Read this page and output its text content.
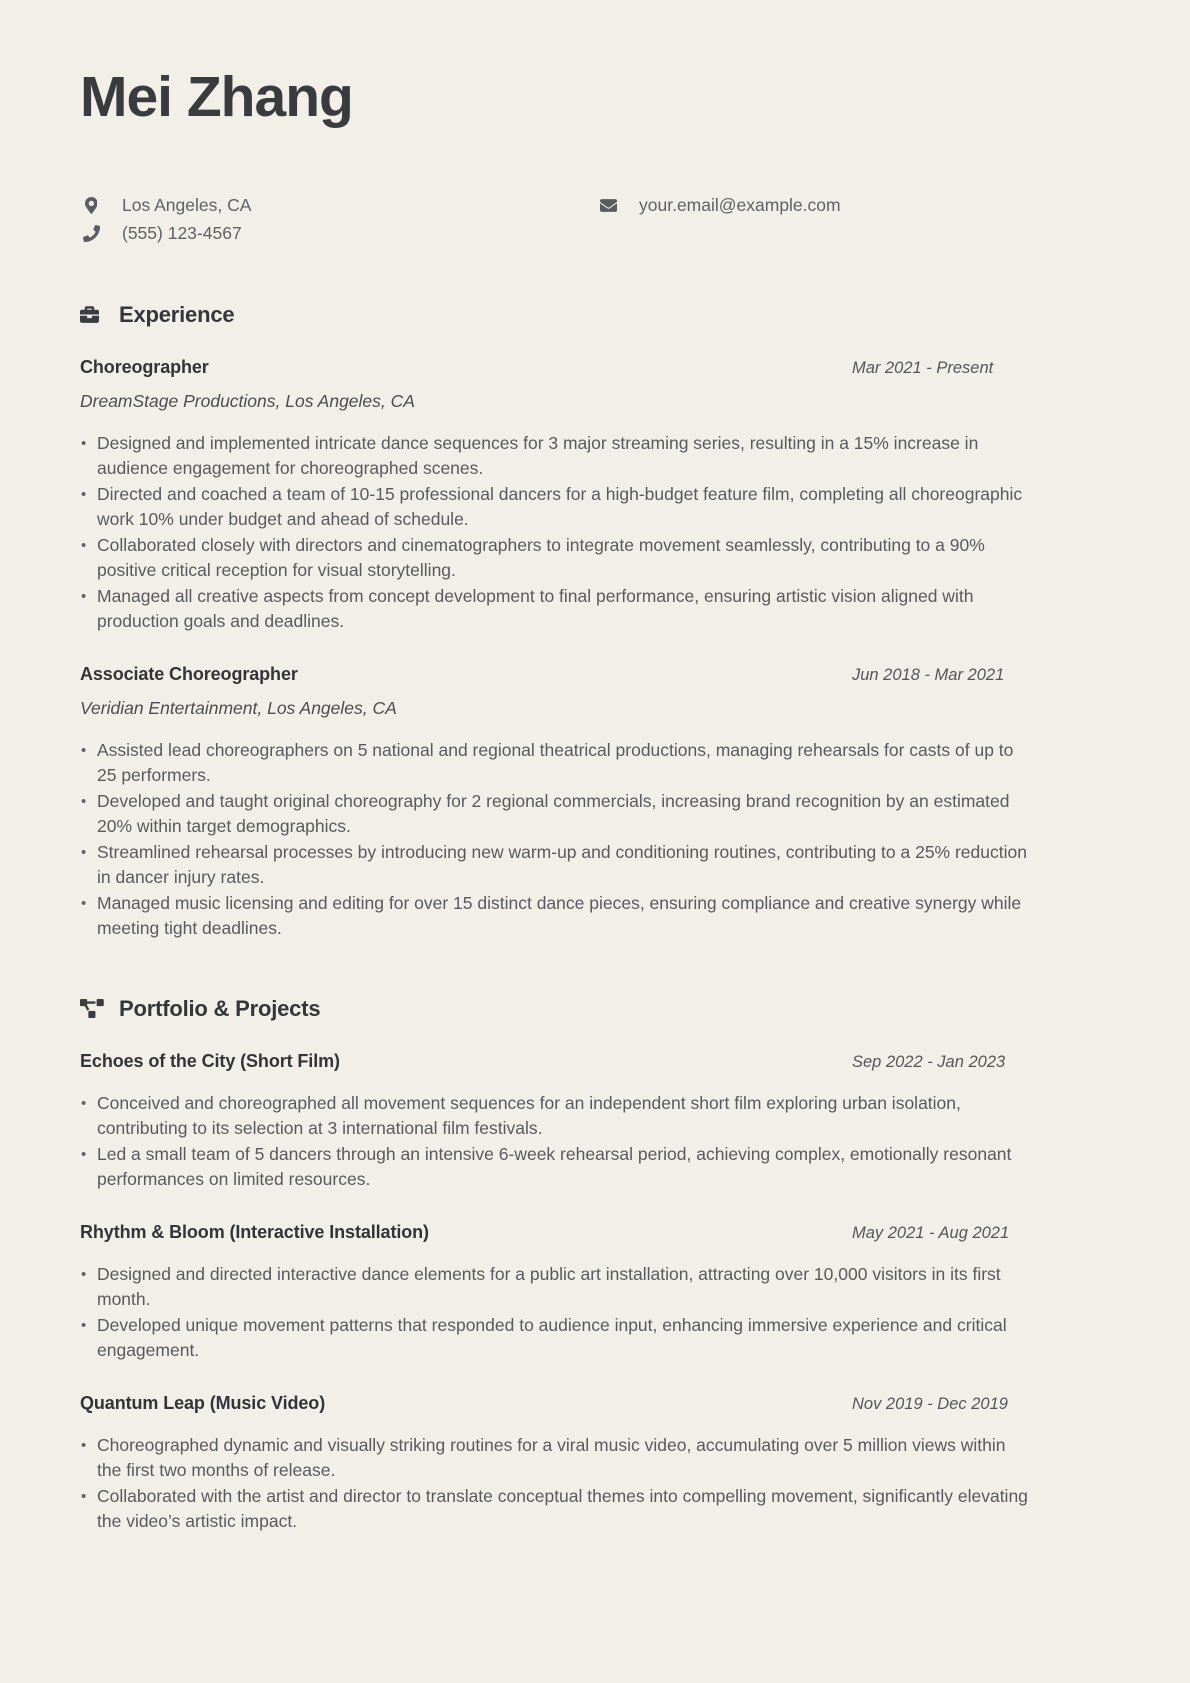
Mei Zhang
Los Angeles, CA
(555) 123-4567
your.email@example.com
Experience
Choreographer	Mar 2021 - Present

DreamStage Productions, Los Angeles, CA

• Designed and implemented intricate dance sequences for 3 major streaming series, resulting in a 15% increase in audience engagement for choreographed scenes.
• Directed and coached a team of 10-15 professional dancers for a high-budget feature film, completing all choreographic work 10% under budget and ahead of schedule.
• Collaborated closely with directors and cinematographers to integrate movement seamlessly, contributing to a 90% positive critical reception for visual storytelling.
• Managed all creative aspects from concept development to final performance, ensuring artistic vision aligned with production goals and deadlines.
Associate Choreographer	Jun 2018 - Mar 2021

Veridian Entertainment, Los Angeles, CA

• Assisted lead choreographers on 5 national and regional theatrical productions, managing rehearsals for casts of up to 25 performers.
• Developed and taught original choreography for 2 regional commercials, increasing brand recognition by an estimated 20% within target demographics.
• Streamlined rehearsal processes by introducing new warm-up and conditioning routines, contributing to a 25% reduction in dancer injury rates.
• Managed music licensing and editing for over 15 distinct dance pieces, ensuring compliance and creative synergy while meeting tight deadlines.
Portfolio & Projects
Echoes of the City (Short Film)	Sep 2022 - Jan 2023
• Conceived and choreographed all movement sequences for an independent short film exploring urban isolation, contributing to its selection at 3 international film festivals.
• Led a small team of 5 dancers through an intensive 6-week rehearsal period, achieving complex, emotionally resonant performances on limited resources.
Rhythm & Bloom (Interactive Installation)	May 2021 - Aug 2021
• Designed and directed interactive dance elements for a public art installation, attracting over 10,000 visitors in its first month.
• Developed unique movement patterns that responded to audience input, enhancing immersive experience and critical engagement.
Quantum Leap (Music Video)	Nov 2019 - Dec 2019
• Choreographed dynamic and visually striking routines for a viral music video, accumulating over 5 million views within the first two months of release.
• Collaborated with the artist and director to translate conceptual themes into compelling movement, significantly elevating the video’s artistic impact.
